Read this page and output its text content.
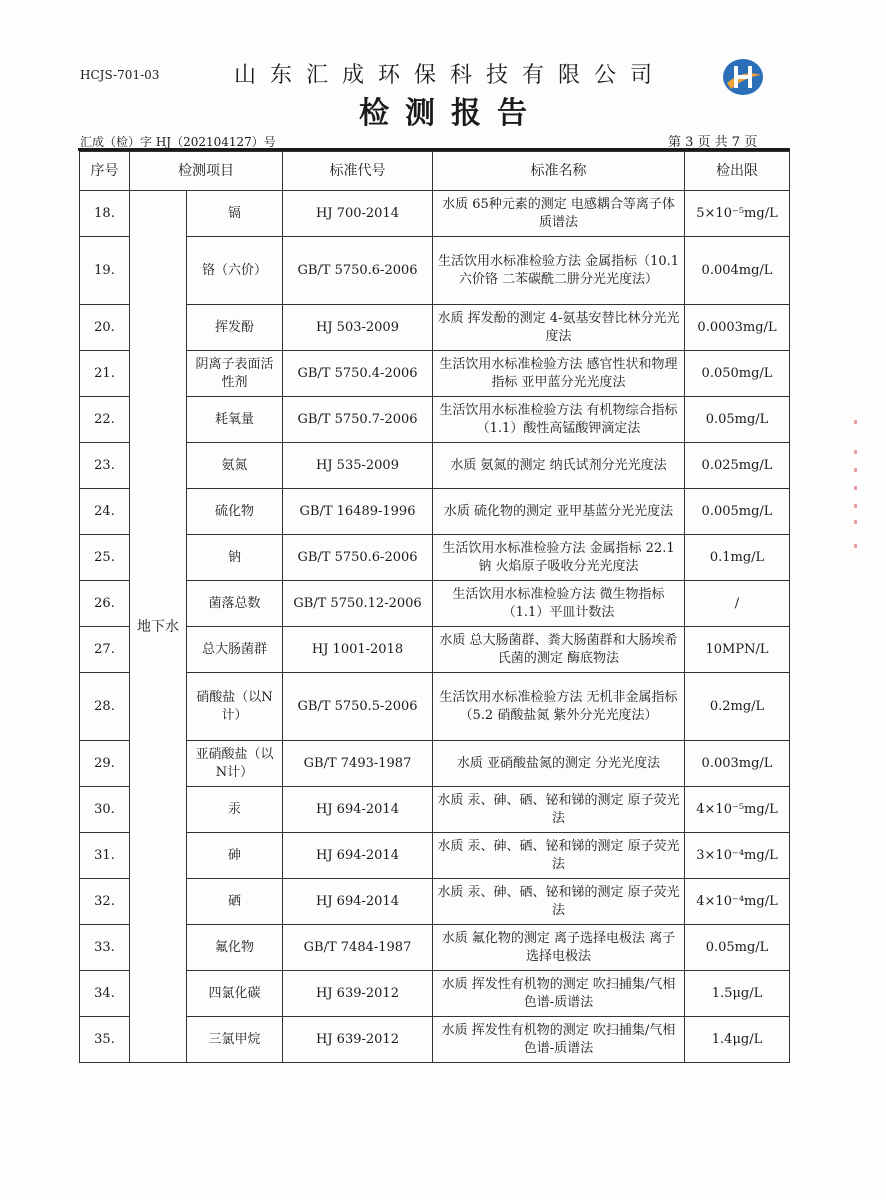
HCJS-701-03	山东汇成环保科技有限公司
检测报告
汇成（检）字 HJ（202104127）号	第 3 页 共 7 页
序号	检测项目		标准代号	标准名称	检出限
18.	地下水	镉	HJ 700-2014	水质 65种元素的测定 电感耦合等离子体质谱法	5×10⁻⁵mg/L
19.		铬（六价）	GB/T 5750.6-2006	生活饮用水标准检验方法 金属指标（10.1 六价铬 二苯碳酰二肼分光光度法）	0.004mg/L
20.		挥发酚	HJ 503-2009	水质 挥发酚的测定 4-氨基安替比林分光光度法	0.0003mg/L
21.		阴离子表面活性剂	GB/T 5750.4-2006	生活饮用水标准检验方法 感官性状和物理指标 亚甲蓝分光光度法	0.050mg/L
22.		耗氧量	GB/T 5750.7-2006	生活饮用水标准检验方法 有机物综合指标（1.1）酸性高锰酸钾滴定法	0.05mg/L
23.		氨氮	HJ 535-2009	水质 氨氮的测定 纳氏试剂分光光度法	0.025mg/L
24.		硫化物	GB/T 16489-1996	水质 硫化物的测定 亚甲基蓝分光光度法	0.005mg/L
25.		钠	GB/T 5750.6-2006	生活饮用水标准检验方法 金属指标 22.1 钠 火焰原子吸收分光光度法	0.1mg/L
26.		菌落总数	GB/T 5750.12-2006	生活饮用水标准检验方法 微生物指标（1.1）平皿计数法	/
27.		总大肠菌群	HJ 1001-2018	水质 总大肠菌群、粪大肠菌群和大肠埃希氏菌的测定 酶底物法	10MPN/L
28.		硝酸盐（以N计）	GB/T 5750.5-2006	生活饮用水标准检验方法 无机非金属指标（5.2 硝酸盐氮 紫外分光光度法）	0.2mg/L
29.		亚硝酸盐（以N计）	GB/T 7493-1987	水质 亚硝酸盐氮的测定 分光光度法	0.003mg/L
30.		汞	HJ 694-2014	水质 汞、砷、硒、铋和锑的测定 原子荧光法	4×10⁻⁵mg/L
31.		砷	HJ 694-2014	水质 汞、砷、硒、铋和锑的测定 原子荧光法	3×10⁻⁴mg/L
32.		硒	HJ 694-2014	水质 汞、砷、硒、铋和锑的测定 原子荧光法	4×10⁻⁴mg/L
33.		氟化物	GB/T 7484-1987	水质 氟化物的测定 离子选择电极法 离子选择电极法	0.05mg/L
34.		四氯化碳	HJ 639-2012	水质 挥发性有机物的测定 吹扫捕集/气相色谱-质谱法	1.5μg/L
35.		三氯甲烷	HJ 639-2012	水质 挥发性有机物的测定 吹扫捕集/气相色谱-质谱法	1.4μg/L
